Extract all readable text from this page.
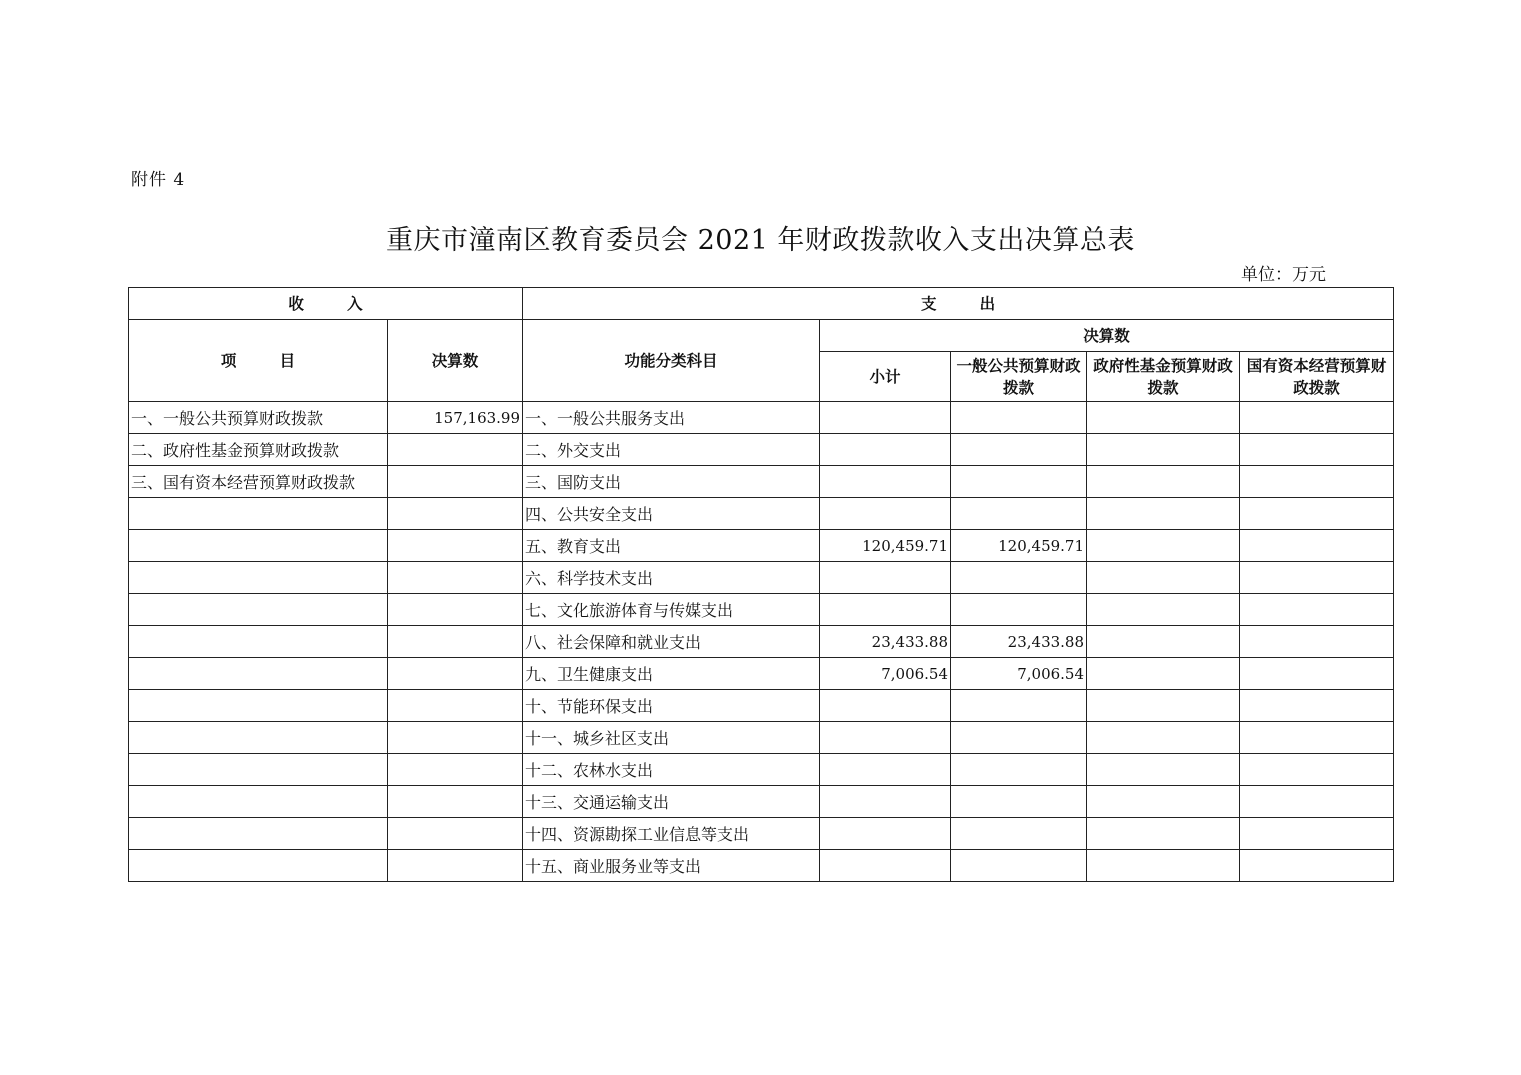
附件 4
重庆市潼南区教育委员会 2021 年财政拨款收入支出决算总表
单位：万元
收        入		支        出				
项        目	决算数	功能分类科目	决算数			
			小计	一般公共预算财政拨款	政府性基金预算财政拨款	国有资本经营预算财政拨款
一、一般公共预算财政拨款	157,163.99	一、一般公共服务支出				
二、政府性基金预算财政拨款		二、外交支出				
三、国有资本经营预算财政拨款		三、国防支出				
		四、公共安全支出				
		五、教育支出	120,459.71	120,459.71		
		六、科学技术支出				
		七、文化旅游体育与传媒支出				
		八、社会保障和就业支出	23,433.88	23,433.88		
		九、卫生健康支出	7,006.54	7,006.54		
		十、节能环保支出				
		十一、城乡社区支出				
		十二、农林水支出				
		十三、交通运输支出				
		十四、资源勘探工业信息等支出				
		十五、商业服务业等支出				
